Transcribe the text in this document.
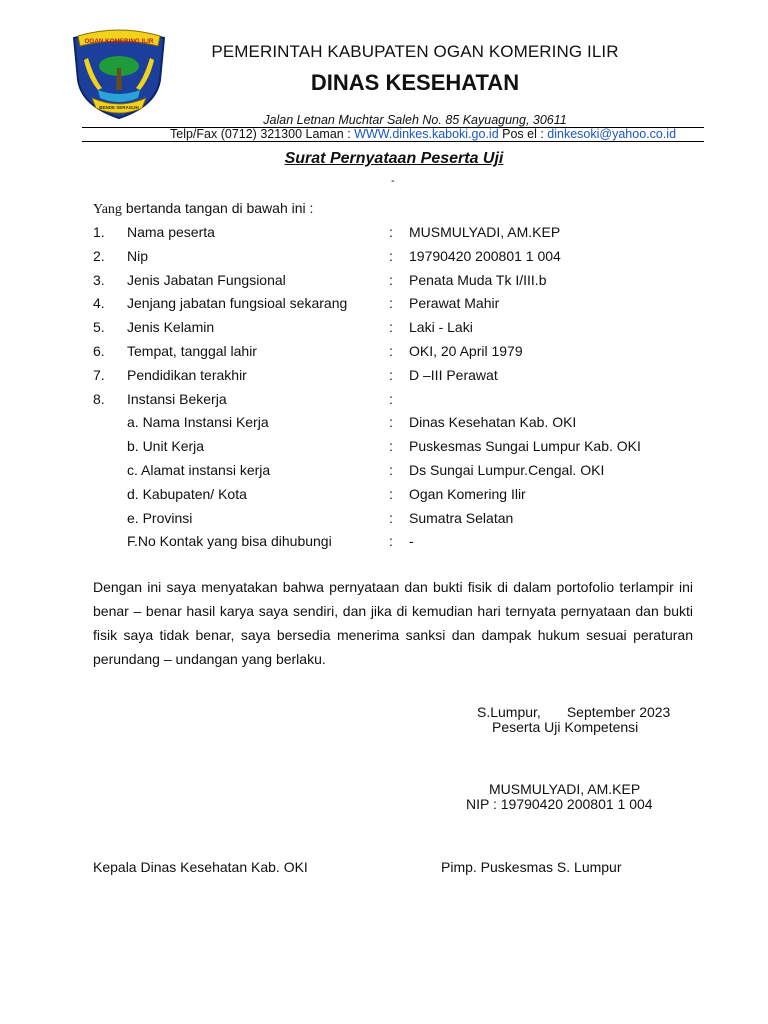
OGAN KOMERING ILIR
BENDE SERAGUH
PEMERINTAH KABUPATEN OGAN KOMERING ILIR
DINAS KESEHATAN
Jalan Letnan Muchtar Saleh No. 85 Kayuagung, 30611
Telp/Fax (0712) 321300 Laman : WWW.dinkes.kaboki.go.id Pos el : dinkesoki@yahoo.co.id
Surat Pernyataan Peserta Uji
-
Yang bertanda tangan di bawah ini :
1. Nama peserta	: MUSMULYADI, AM.KEP
2. Nip	: 19790420 200801 1 004
3. Jenis Jabatan Fungsional	: Penata Muda Tk I/III.b
4. Jenjang jabatan fungsioal sekarang	: Perawat Mahir
5. Jenis Kelamin	: Laki - Laki
6. Tempat, tanggal lahir	: OKI, 20 April 1979
7. Pendidikan terakhir	: D –III Perawat
8. Instansi Bekerja	:
a. Nama Instansi Kerja	: Dinas Kesehatan Kab. OKI
b. Unit Kerja	: Puskesmas Sungai Lumpur Kab. OKI
c. Alamat instansi kerja	: Ds Sungai Lumpur.Cengal. OKI
d. Kabupaten/ Kota	: Ogan Komering Ilir
e. Provinsi	: Sumatra Selatan
F.No Kontak yang bisa dihubungi	: -
Dengan ini saya menyatakan bahwa pernyataan dan bukti fisik di dalam portofolio terlampir ini benar – benar hasil karya saya sendiri, dan jika di kemudian hari ternyata pernyataan dan bukti fisik saya tidak benar, saya bersedia menerima sanksi dan dampak hukum sesuai peraturan perundang – undangan yang berlaku.
S.Lumpur, September 2023
Peserta Uji Kompetensi
MUSMULYADI, AM.KEP
NIP : 19790420 200801 1 004
Kepala Dinas Kesehatan Kab. OKI	Pimp. Puskesmas S. Lumpur
